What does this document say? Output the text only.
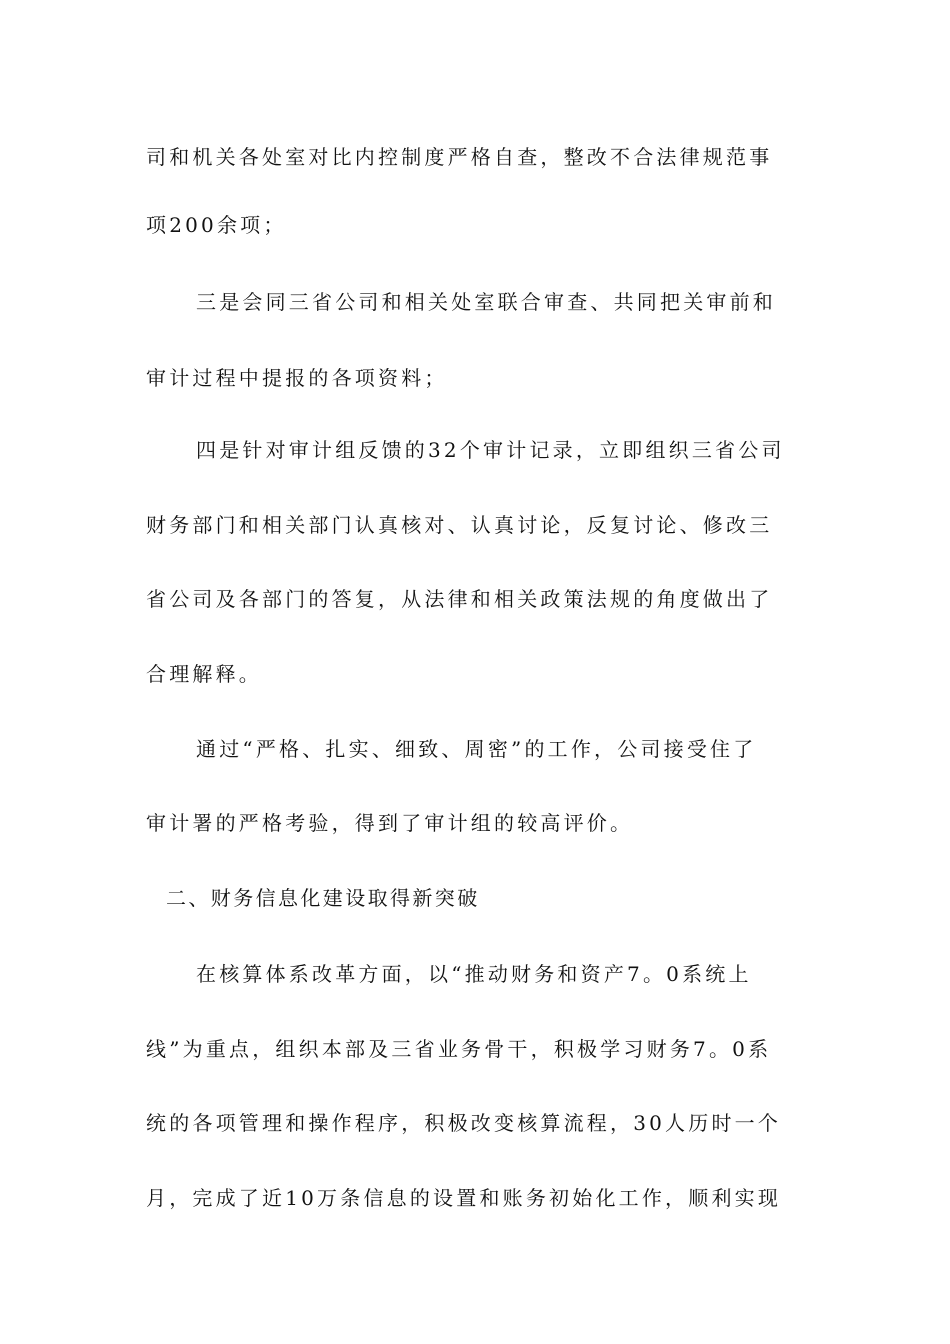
司和机关各处室对比内控制度严格自查，整改不合法律规范事
项200余项；
三是会同三省公司和相关处室联合审查、共同把关审前和
审计过程中提报的各项资料；
四是针对审计组反馈的32个审计记录，立即组织三省公司
财务部门和相关部门认真核对、认真讨论，反复讨论、修改三
省公司及各部门的答复，从法律和相关政策法规的角度做出了
合理解释。
通过“严格、扎实、细致、周密”的工作，公司接受住了
审计署的严格考验，得到了审计组的较高评价。
二、财务信息化建设取得新突破
在核算体系改革方面，以“推动财务和资产7。0系统上
线”为重点，组织本部及三省业务骨干，积极学习财务7。0系
统的各项管理和操作程序，积极改变核算流程，30人历时一个
月，完成了近10万条信息的设置和账务初始化工作，顺利实现
